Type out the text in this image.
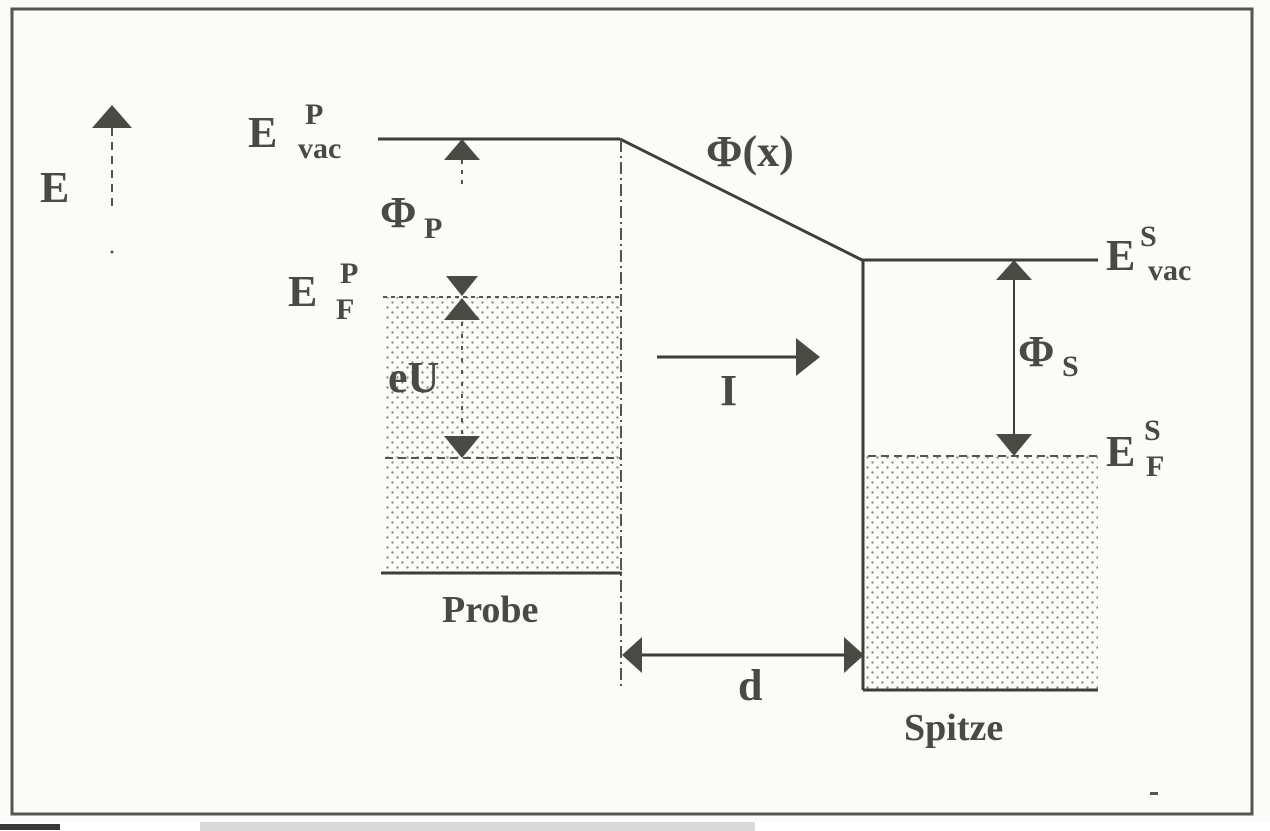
E
E P
vac
Φ P
E P
F
eU
Φ(x)
I
Probe
d
Spitze
E S
vac
Φ S
E S
F
